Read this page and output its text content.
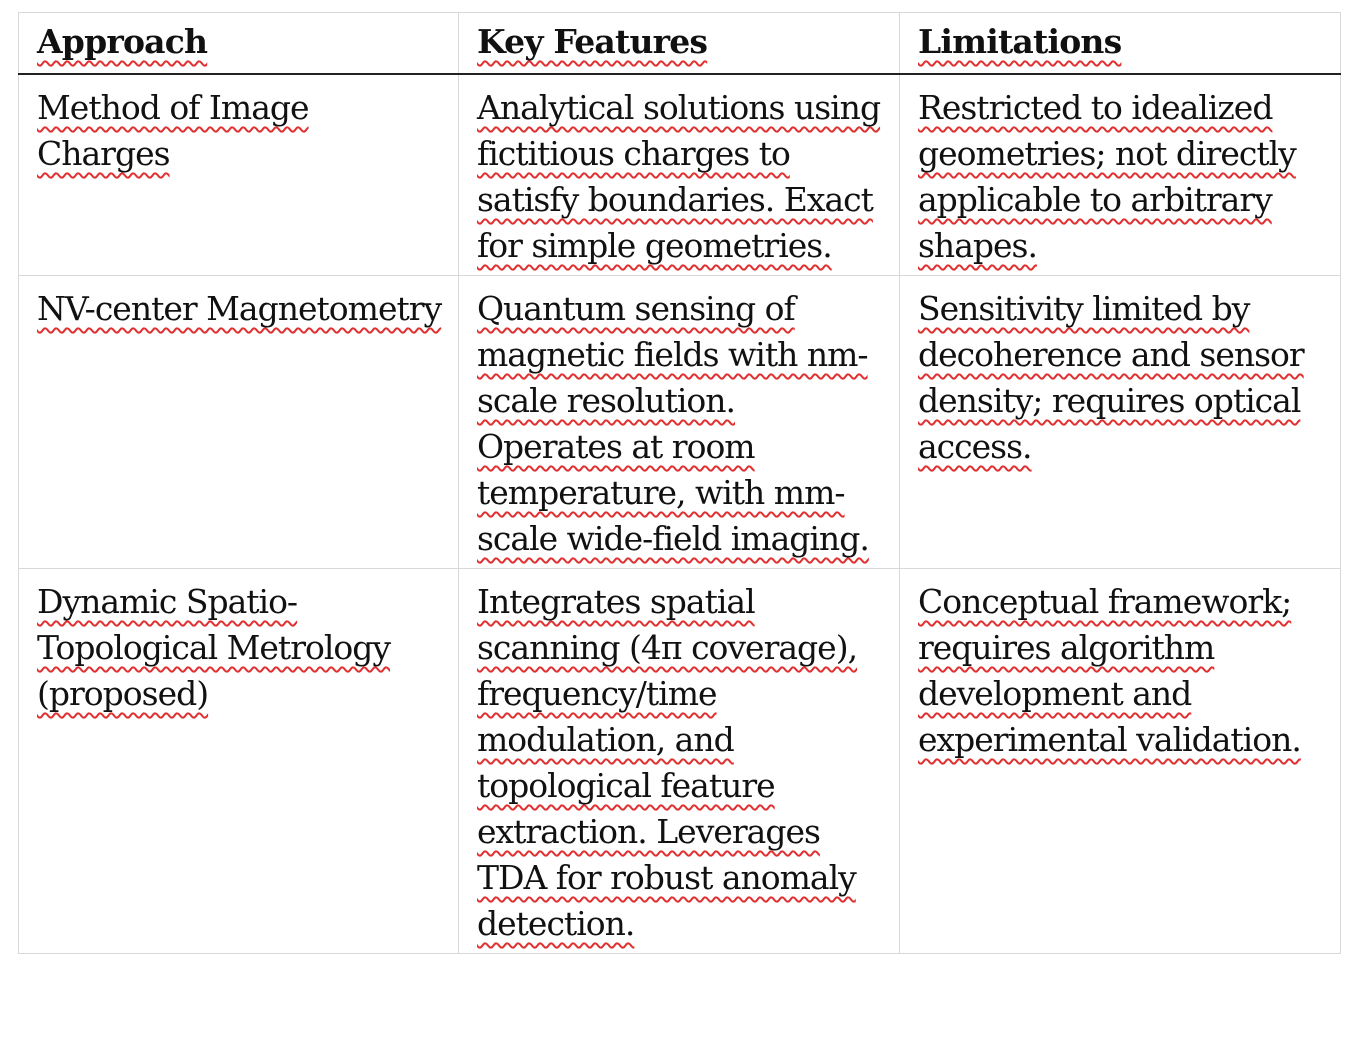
Approach	Key Features	Limitations
Method of Image Charges	Analytical solutions using fictitious charges to satisfy boundaries. Exact for simple geometries.	Restricted to idealized geometries; not directly applicable to arbitrary shapes.
NV-center Magnetometry	Quantum sensing of magnetic fields with nm-scale resolution. Operates at room temperature, with mm-scale wide-field imaging.	Sensitivity limited by decoherence and sensor density; requires optical access.
Dynamic Spatio-Topological Metrology (proposed)	Integrates spatial scanning (4π coverage), frequency/time modulation, and topological feature extraction. Leverages TDA for robust anomaly detection.	Conceptual framework; requires algorithm development and experimental validation.
